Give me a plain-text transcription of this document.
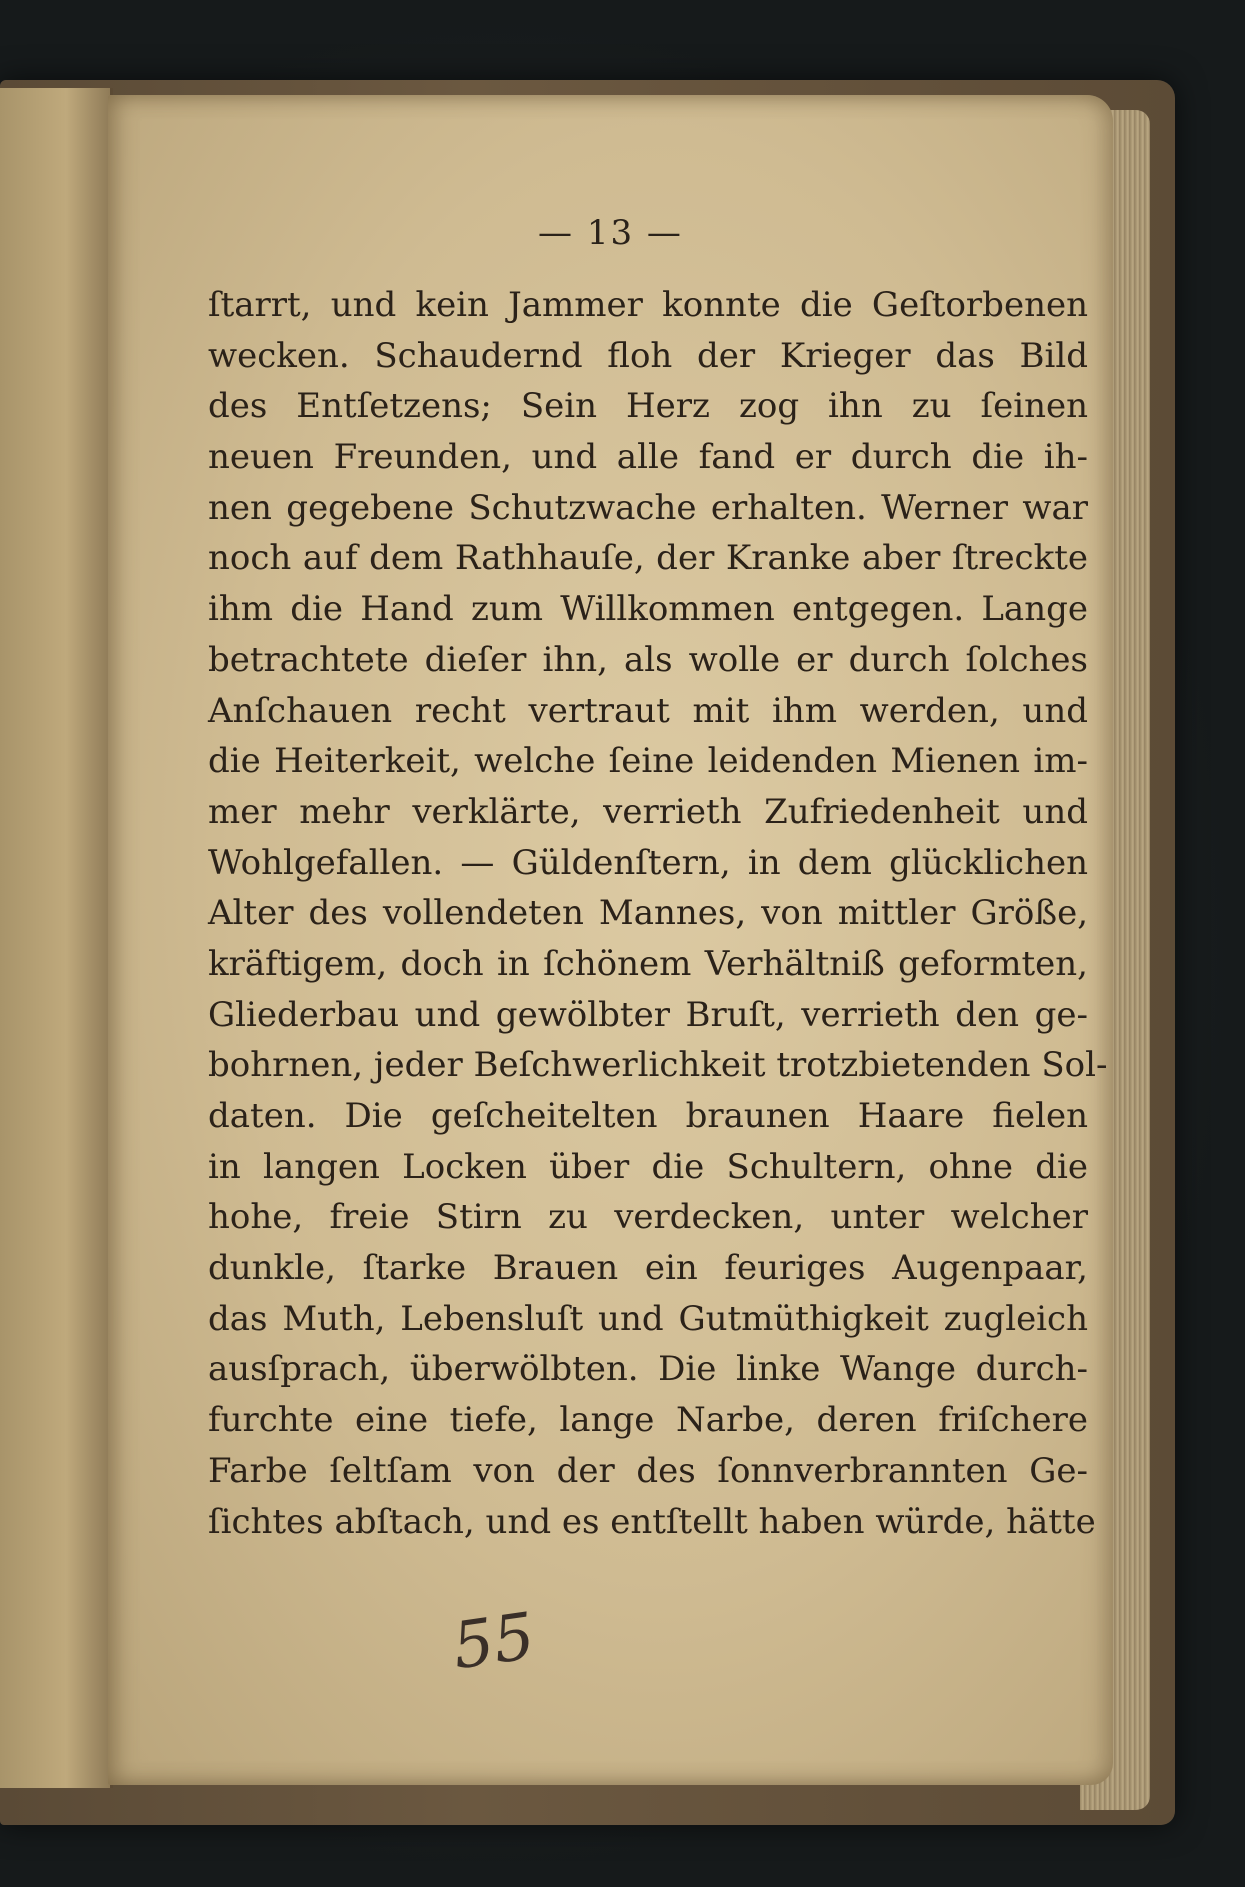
— 13 —
ſtarrt, und kein Jammer konnte die Geſtorbenen
wecken. Schaudernd floh der Krieger das Bild
des Entſetzens; Sein Herz zog ihn zu ſeinen
neuen Freunden, und alle fand er durch die ih-
nen gegebene Schutzwache erhalten. Werner war
noch auf dem Rathhauſe, der Kranke aber ſtreckte
ihm die Hand zum Willkommen entgegen. Lange
betrachtete dieſer ihn, als wolle er durch ſolches
Anſchauen recht vertraut mit ihm werden, und
die Heiterkeit, welche ſeine leidenden Mienen im-
mer mehr verklärte, verrieth Zufriedenheit und
Wohlgefallen. — Güldenſtern, in dem glücklichen
Alter des vollendeten Mannes, von mittler Größe,
kräftigem, doch in ſchönem Verhältniß geformten,
Gliederbau und gewölbter Bruſt, verrieth den ge-
bohrnen, jeder Beſchwerlichkeit trotzbietenden Sol-
daten. Die geſcheitelten braunen Haare fielen
in langen Locken über die Schultern, ohne die
hohe, freie Stirn zu verdecken, unter welcher
dunkle, ſtarke Brauen ein feuriges Augenpaar,
das Muth, Lebensluſt und Gutmüthigkeit zugleich
ausſprach, überwölbten. Die linke Wange durch-
furchte eine tiefe, lange Narbe, deren friſchere
Farbe ſeltſam von der des ſonnverbrannten Ge-
ſichtes abſtach, und es entſtellt haben würde, hätte
55
